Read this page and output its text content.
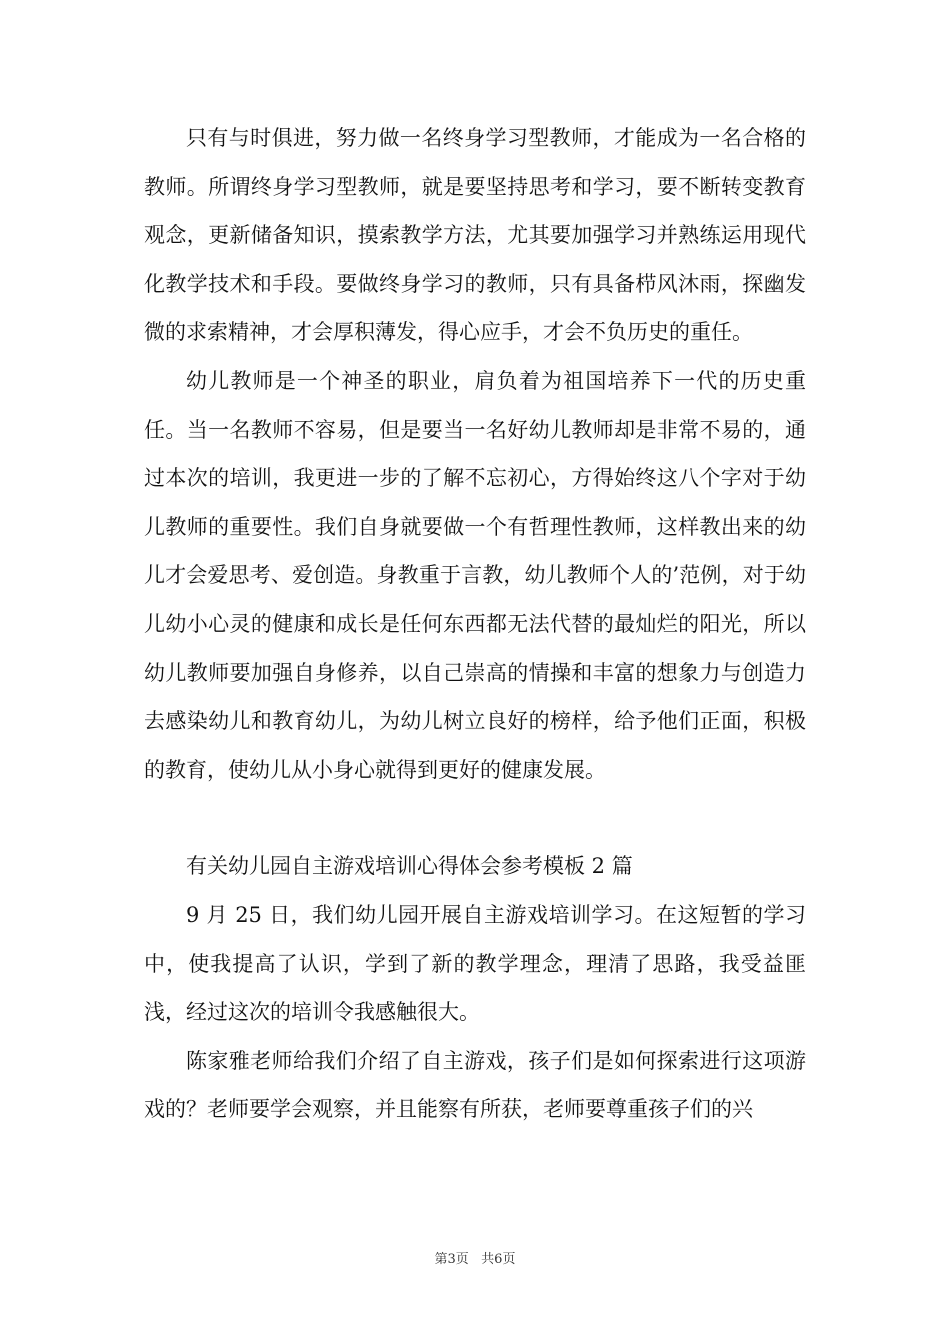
只有与时俱进，努力做一名终身学习型教师，才能成为一名合格的教师。所谓终身学习型教师，就是要坚持思考和学习，要不断转变教育观念，更新储备知识，摸索教学方法，尤其要加强学习并熟练运用现代化教学技术和手段。要做终身学习的教师，只有具备栉风沐雨，探幽发微的求索精神，才会厚积薄发，得心应手，才会不负历史的重任。

幼儿教师是一个神圣的职业，肩负着为祖国培养下一代的历史重任。当一名教师不容易，但是要当一名好幼儿教师却是非常不易的，通过本次的培训，我更进一步的了解不忘初心，方得始终这八个字对于幼儿教师的重要性。我们自身就要做一个有哲理性教师，这样教出来的幼儿才会爱思考、爱创造。身教重于言教，幼儿教师个人的’范例，对于幼儿幼小心灵的健康和成长是任何东西都无法代替的最灿烂的阳光，所以幼儿教师要加强自身修养，以自己崇高的情操和丰富的想象力与创造力去感染幼儿和教育幼儿，为幼儿树立良好的榜样，给予他们正面，积极的教育，使幼儿从小身心就得到更好的健康发展。

有关幼儿园自主游戏培训心得体会参考模板 2 篇

9 月 25 日，我们幼儿园开展自主游戏培训学习。在这短暂的学习中，使我提高了认识，学到了新的教学理念，理清了思路，我受益匪浅，经过这次的培训令我感触很大。

陈家雅老师给我们介绍了自主游戏，孩子们是如何探索进行这项游戏的？老师要学会观察，并且能察有所获，老师要尊重孩子们的兴

第3页   共6页
